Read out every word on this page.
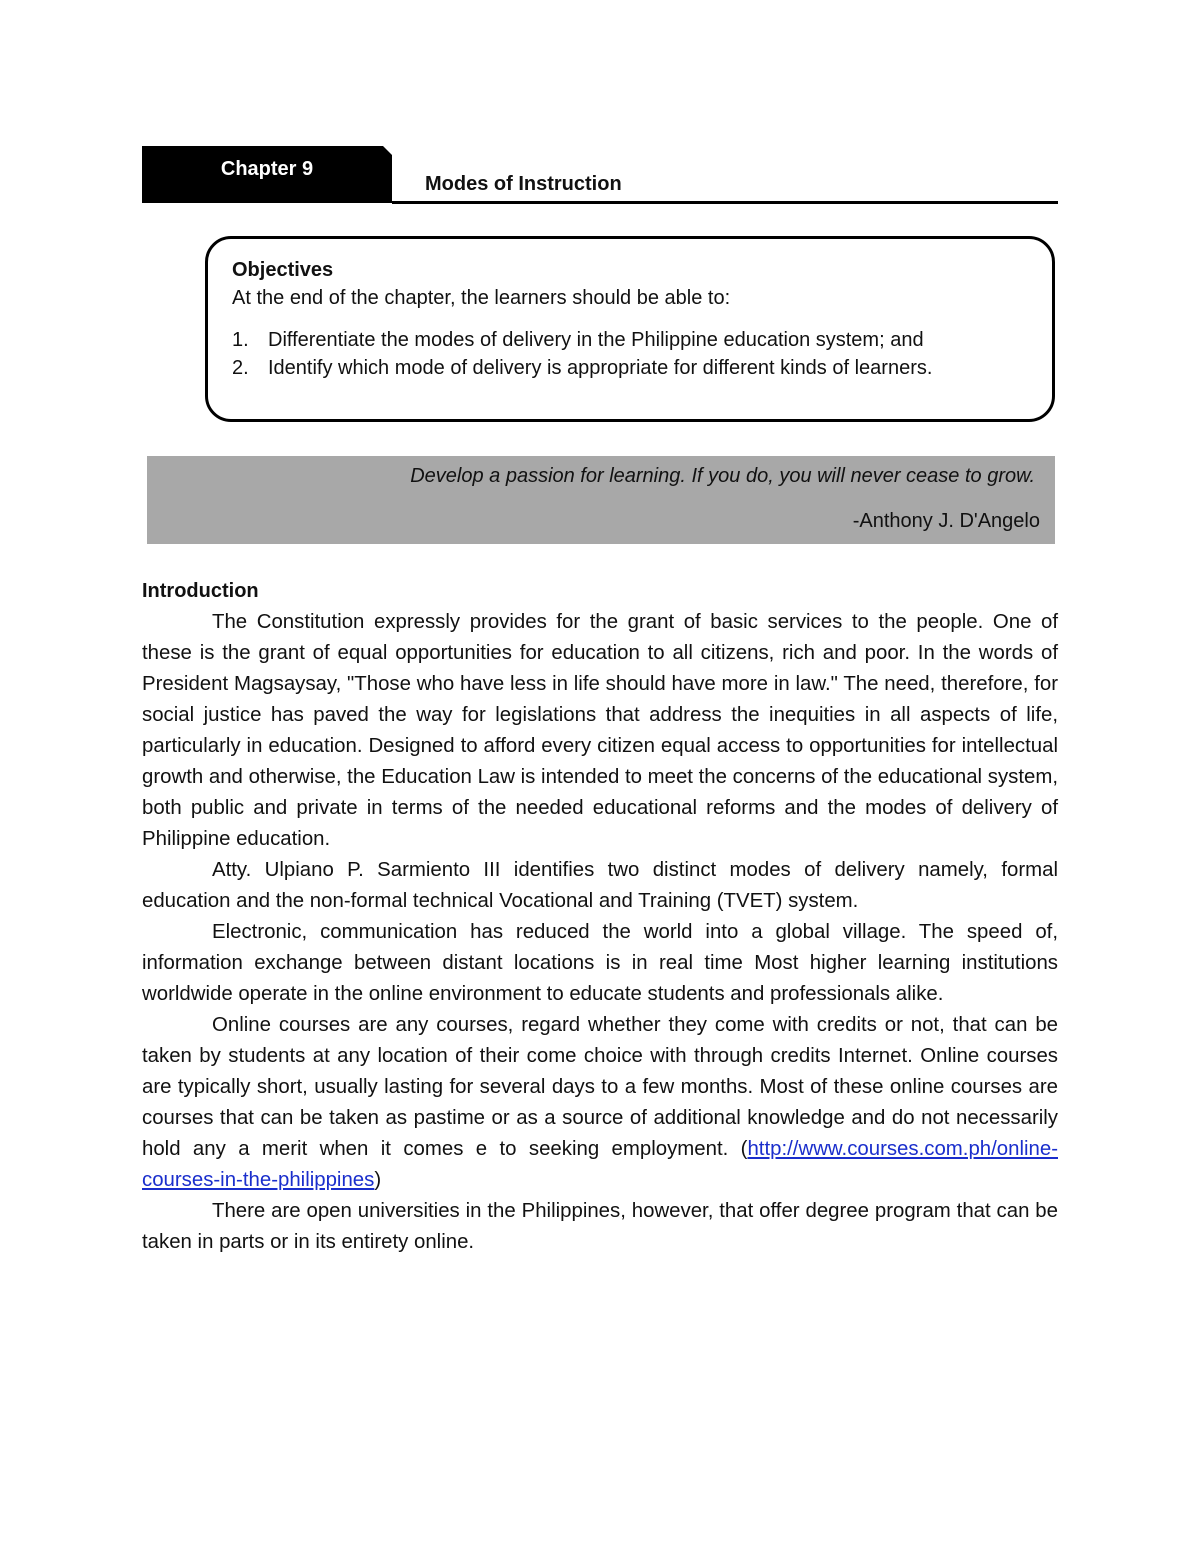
Chapter 9
Modes of Instruction
Objectives
At the end of the chapter, the learners should be able to:
1. Differentiate the modes of delivery in the Philippine education system; and
2. Identify which mode of delivery is appropriate for different kinds of learners.
Develop a passion for learning. If you do, you will never cease to grow.
-Anthony J. D'Angelo
Introduction

The Constitution expressly provides for the grant of basic services to the people. One of these is the grant of equal opportunities for education to all citizens, rich and poor. In the words of President Magsaysay, "Those who have less in life should have more in law." The need, therefore, for social justice has paved the way for legislations that address the inequities in all aspects of life, particularly in education. Designed to afford every citizen equal access to opportunities for intellectual growth and otherwise, the Education Law is intended to meet the concerns of the educational system, both public and private in terms of the needed educational reforms and the modes of delivery of Philippine education.

Atty. Ulpiano P. Sarmiento III identifies two distinct modes of delivery namely, formal education and the non-formal technical Vocational and Training (TVET) system.

Electronic, communication has reduced the world into a global village. The speed of, information exchange between distant locations is in real time Most higher learning institutions worldwide operate in the online environment to educate students and professionals alike.

Online courses are any courses, regard whether they come with credits or not, that can be taken by students at any location of their come choice with through credits Internet. Online courses are typically short, usually lasting for several days to a few months. Most of these online courses are courses that can be taken as pastime or as a source of additional knowledge and do not necessarily hold any a merit when it comes e to seeking employment. (http://www.courses.com.ph/online-courses-in-the-philippines)

There are open universities in the Philippines, however, that offer degree program that can be taken in parts or in its entirety online.
